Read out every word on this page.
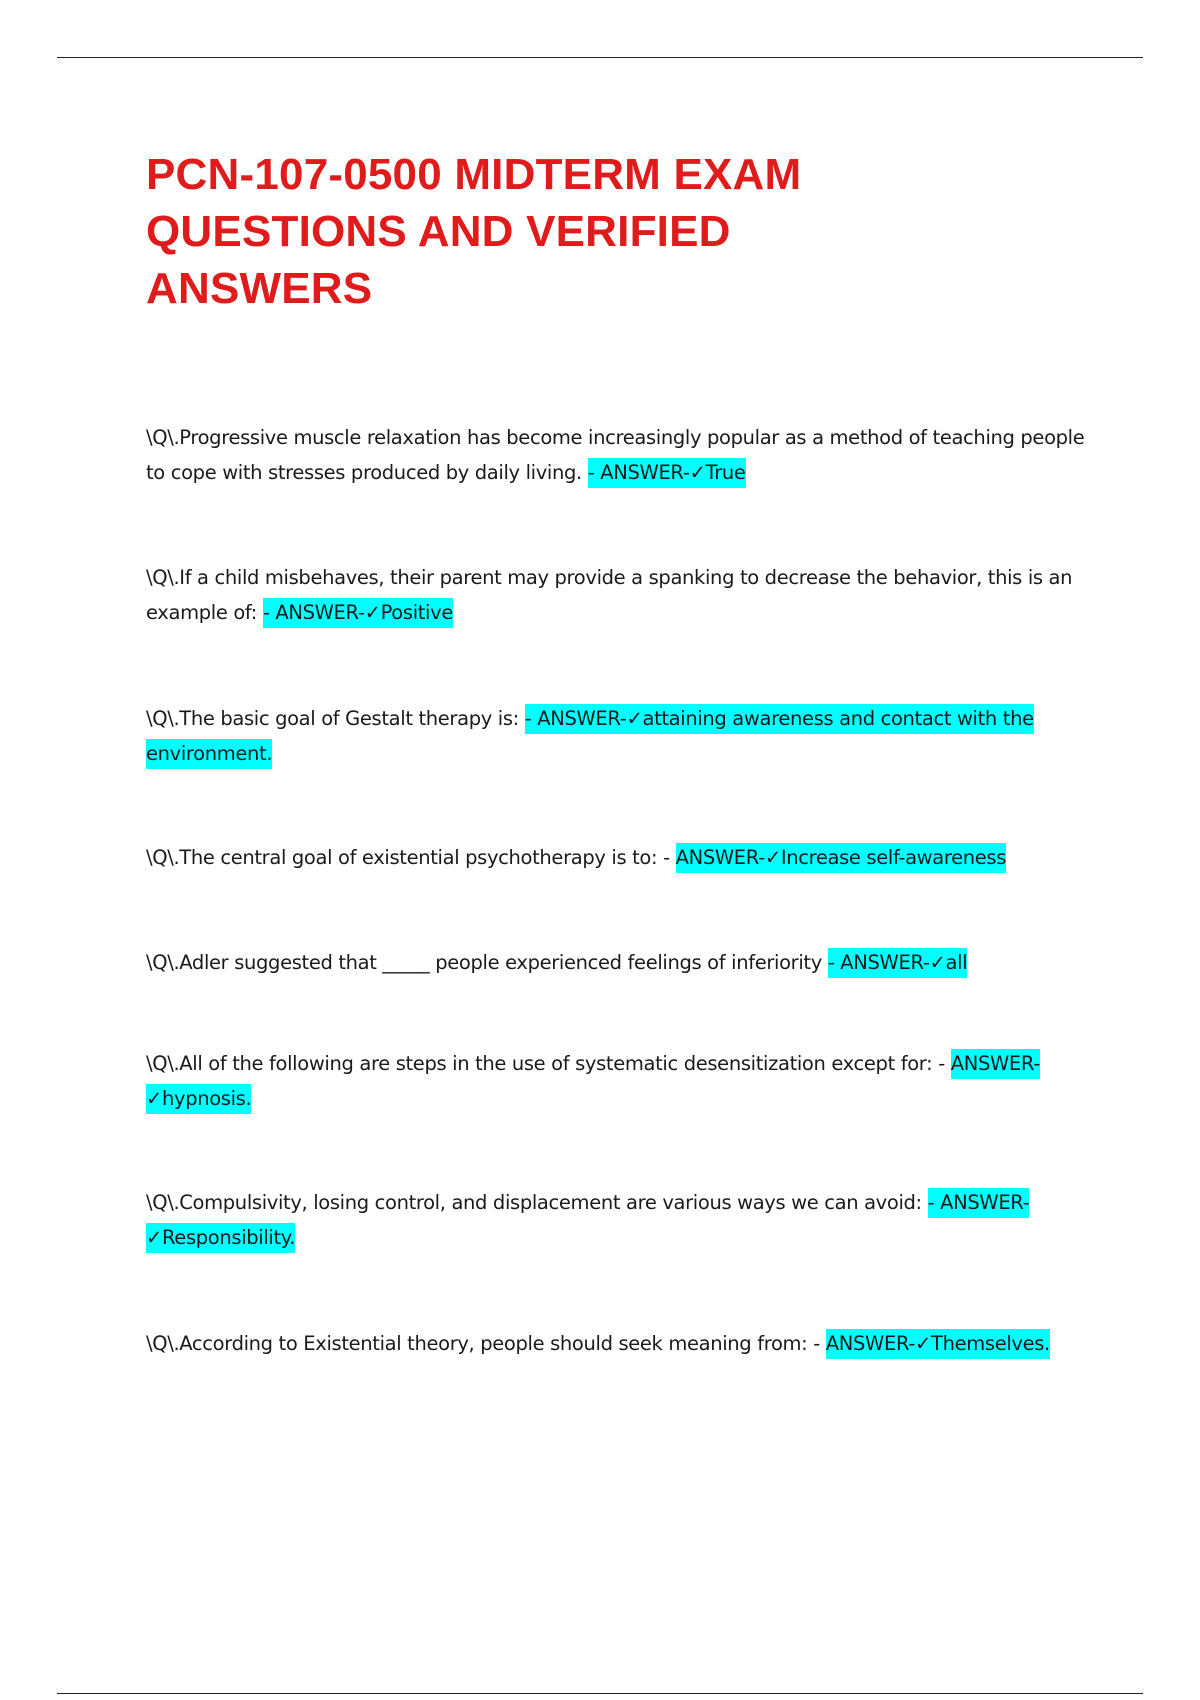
PCN-107-0500 MIDTERM EXAM QUESTIONS AND VERIFIED ANSWERS

\Q\.Progressive muscle relaxation has become increasingly popular as a method of teaching people to cope with stresses produced by daily living. - ANSWER-✓True

\Q\.If a child misbehaves, their parent may provide a spanking to decrease the behavior, this is an example of: - ANSWER-✓Positive

\Q\.The basic goal of Gestalt therapy is: - ANSWER-✓attaining awareness and contact with the environment.

\Q\.The central goal of existential psychotherapy is to: - ANSWER-✓Increase self-awareness

\Q\.Adler suggested that _____ people experienced feelings of inferiority - ANSWER-✓all

\Q\.All of the following are steps in the use of systematic desensitization except for: - ANSWER-✓hypnosis.

\Q\.Compulsivity, losing control, and displacement are various ways we can avoid: - ANSWER-✓Responsibility.

\Q\.According to Existential theory, people should seek meaning from: - ANSWER-✓Themselves.
